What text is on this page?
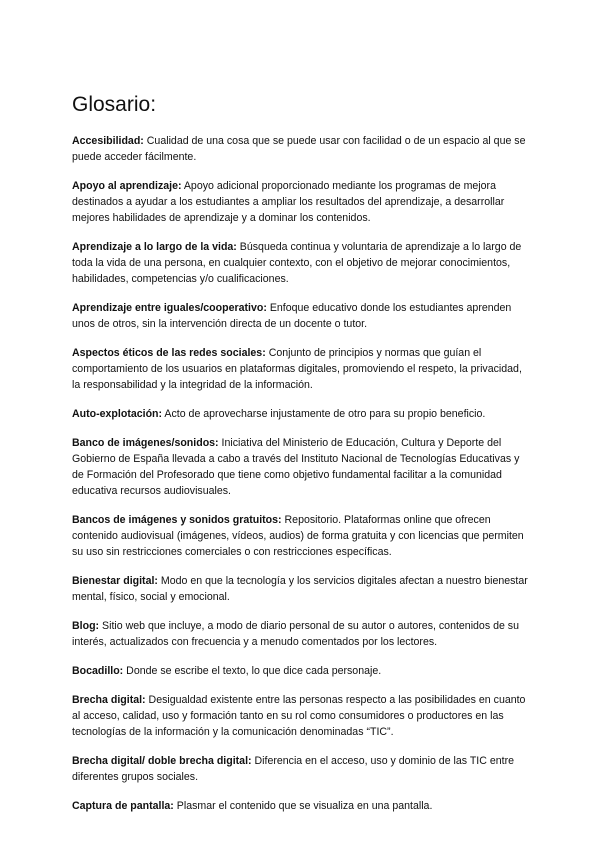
Glosario:

Accesibilidad: Cualidad de una cosa que se puede usar con facilidad o de un espacio al que se puede acceder fácilmente.

Apoyo al aprendizaje: Apoyo adicional proporcionado mediante los programas de mejora destinados a ayudar a los estudiantes a ampliar los resultados del aprendizaje, a desarrollar mejores habilidades de aprendizaje y a dominar los contenidos.

Aprendizaje a lo largo de la vida: Búsqueda continua y voluntaria de aprendizaje a lo largo de toda la vida de una persona, en cualquier contexto, con el objetivo de mejorar conocimientos, habilidades, competencias y/o cualificaciones.

Aprendizaje entre iguales/cooperativo: Enfoque educativo donde los estudiantes aprenden unos de otros, sin la intervención directa de un docente o tutor.

Aspectos éticos de las redes sociales: Conjunto de principios y normas que guían el comportamiento de los usuarios en plataformas digitales, promoviendo el respeto, la privacidad, la responsabilidad y la integridad de la información.

Auto-explotación: Acto de aprovecharse injustamente de otro para su propio beneficio.

Banco de imágenes/sonidos: Iniciativa del Ministerio de Educación, Cultura y Deporte del Gobierno de España llevada a cabo a través del Instituto Nacional de Tecnologías Educativas y de Formación del Profesorado que tiene como objetivo fundamental facilitar a la comunidad educativa recursos audiovisuales.

Bancos de imágenes y sonidos gratuitos: Repositorio. Plataformas online que ofrecen contenido audiovisual (imágenes, vídeos, audios) de forma gratuita y con licencias que permiten su uso sin restricciones comerciales o con restricciones específicas.

Bienestar digital: Modo en que la tecnología y los servicios digitales afectan a nuestro bienestar mental, físico, social y emocional.

Blog: Sitio web que incluye, a modo de diario personal de su autor o autores, contenidos de su interés, actualizados con frecuencia y a menudo comentados por los lectores.

Bocadillo: Donde se escribe el texto, lo que dice cada personaje.

Brecha digital: Desigualdad existente entre las personas respecto a las posibilidades en cuanto al acceso, calidad, uso y formación tanto en su rol como consumidores o productores en las tecnologías de la información y la comunicación denominadas “TIC”.

Brecha digital/ doble brecha digital: Diferencia en el acceso, uso y dominio de las TIC entre diferentes grupos sociales.

Captura de pantalla: Plasmar el contenido que se visualiza en una pantalla.
